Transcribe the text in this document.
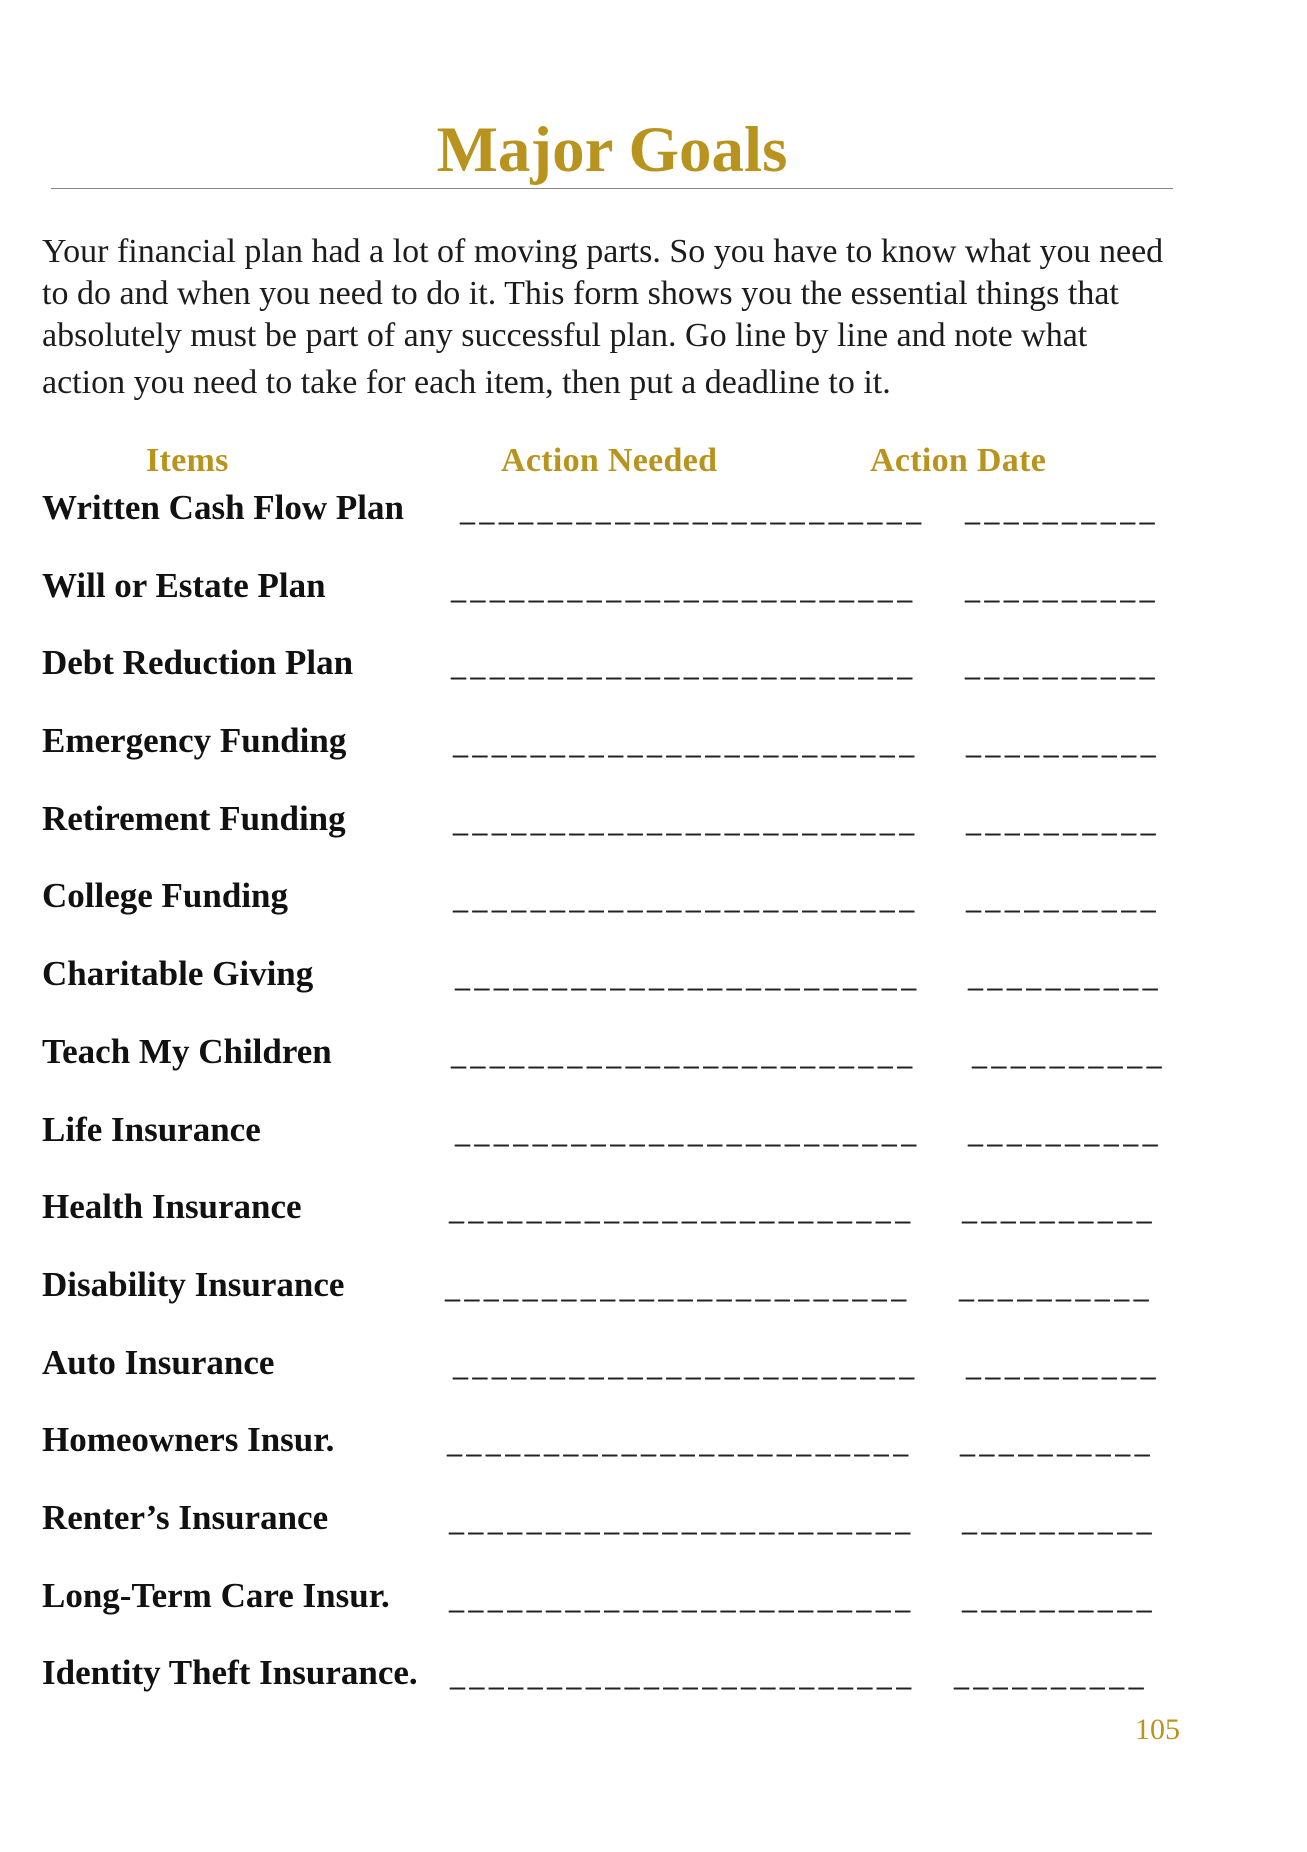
Major Goals
Your financial plan had a lot of moving parts. So you have to know what you need
to do and when you need to do it. This form shows you the essential things that
absolutely must be part of any successful plan. Go line by line and note what
action you need to take for each item, then put a deadline to it.
Items	Action Needed	Action Date
Written Cash Flow Plan ________________________ __________
Will or Estate Plan	________________________ __________
Debt Reduction Plan	________________________ __________
Emergency Funding	________________________ __________
Retirement Funding	________________________ __________
College Funding	________________________ __________
Charitable Giving	________________________ __________
Teach My Children	________________________ __________
Life Insurance	________________________ __________
Health Insurance	________________________ __________
Disability Insurance	________________________ __________
Auto Insurance	________________________ __________
Homeowners Insur.	________________________ __________
Renter’s Insurance	________________________ __________
Long-Term Care Insur. ________________________ __________
Identity Theft Insurance. ________________________ __________
105
